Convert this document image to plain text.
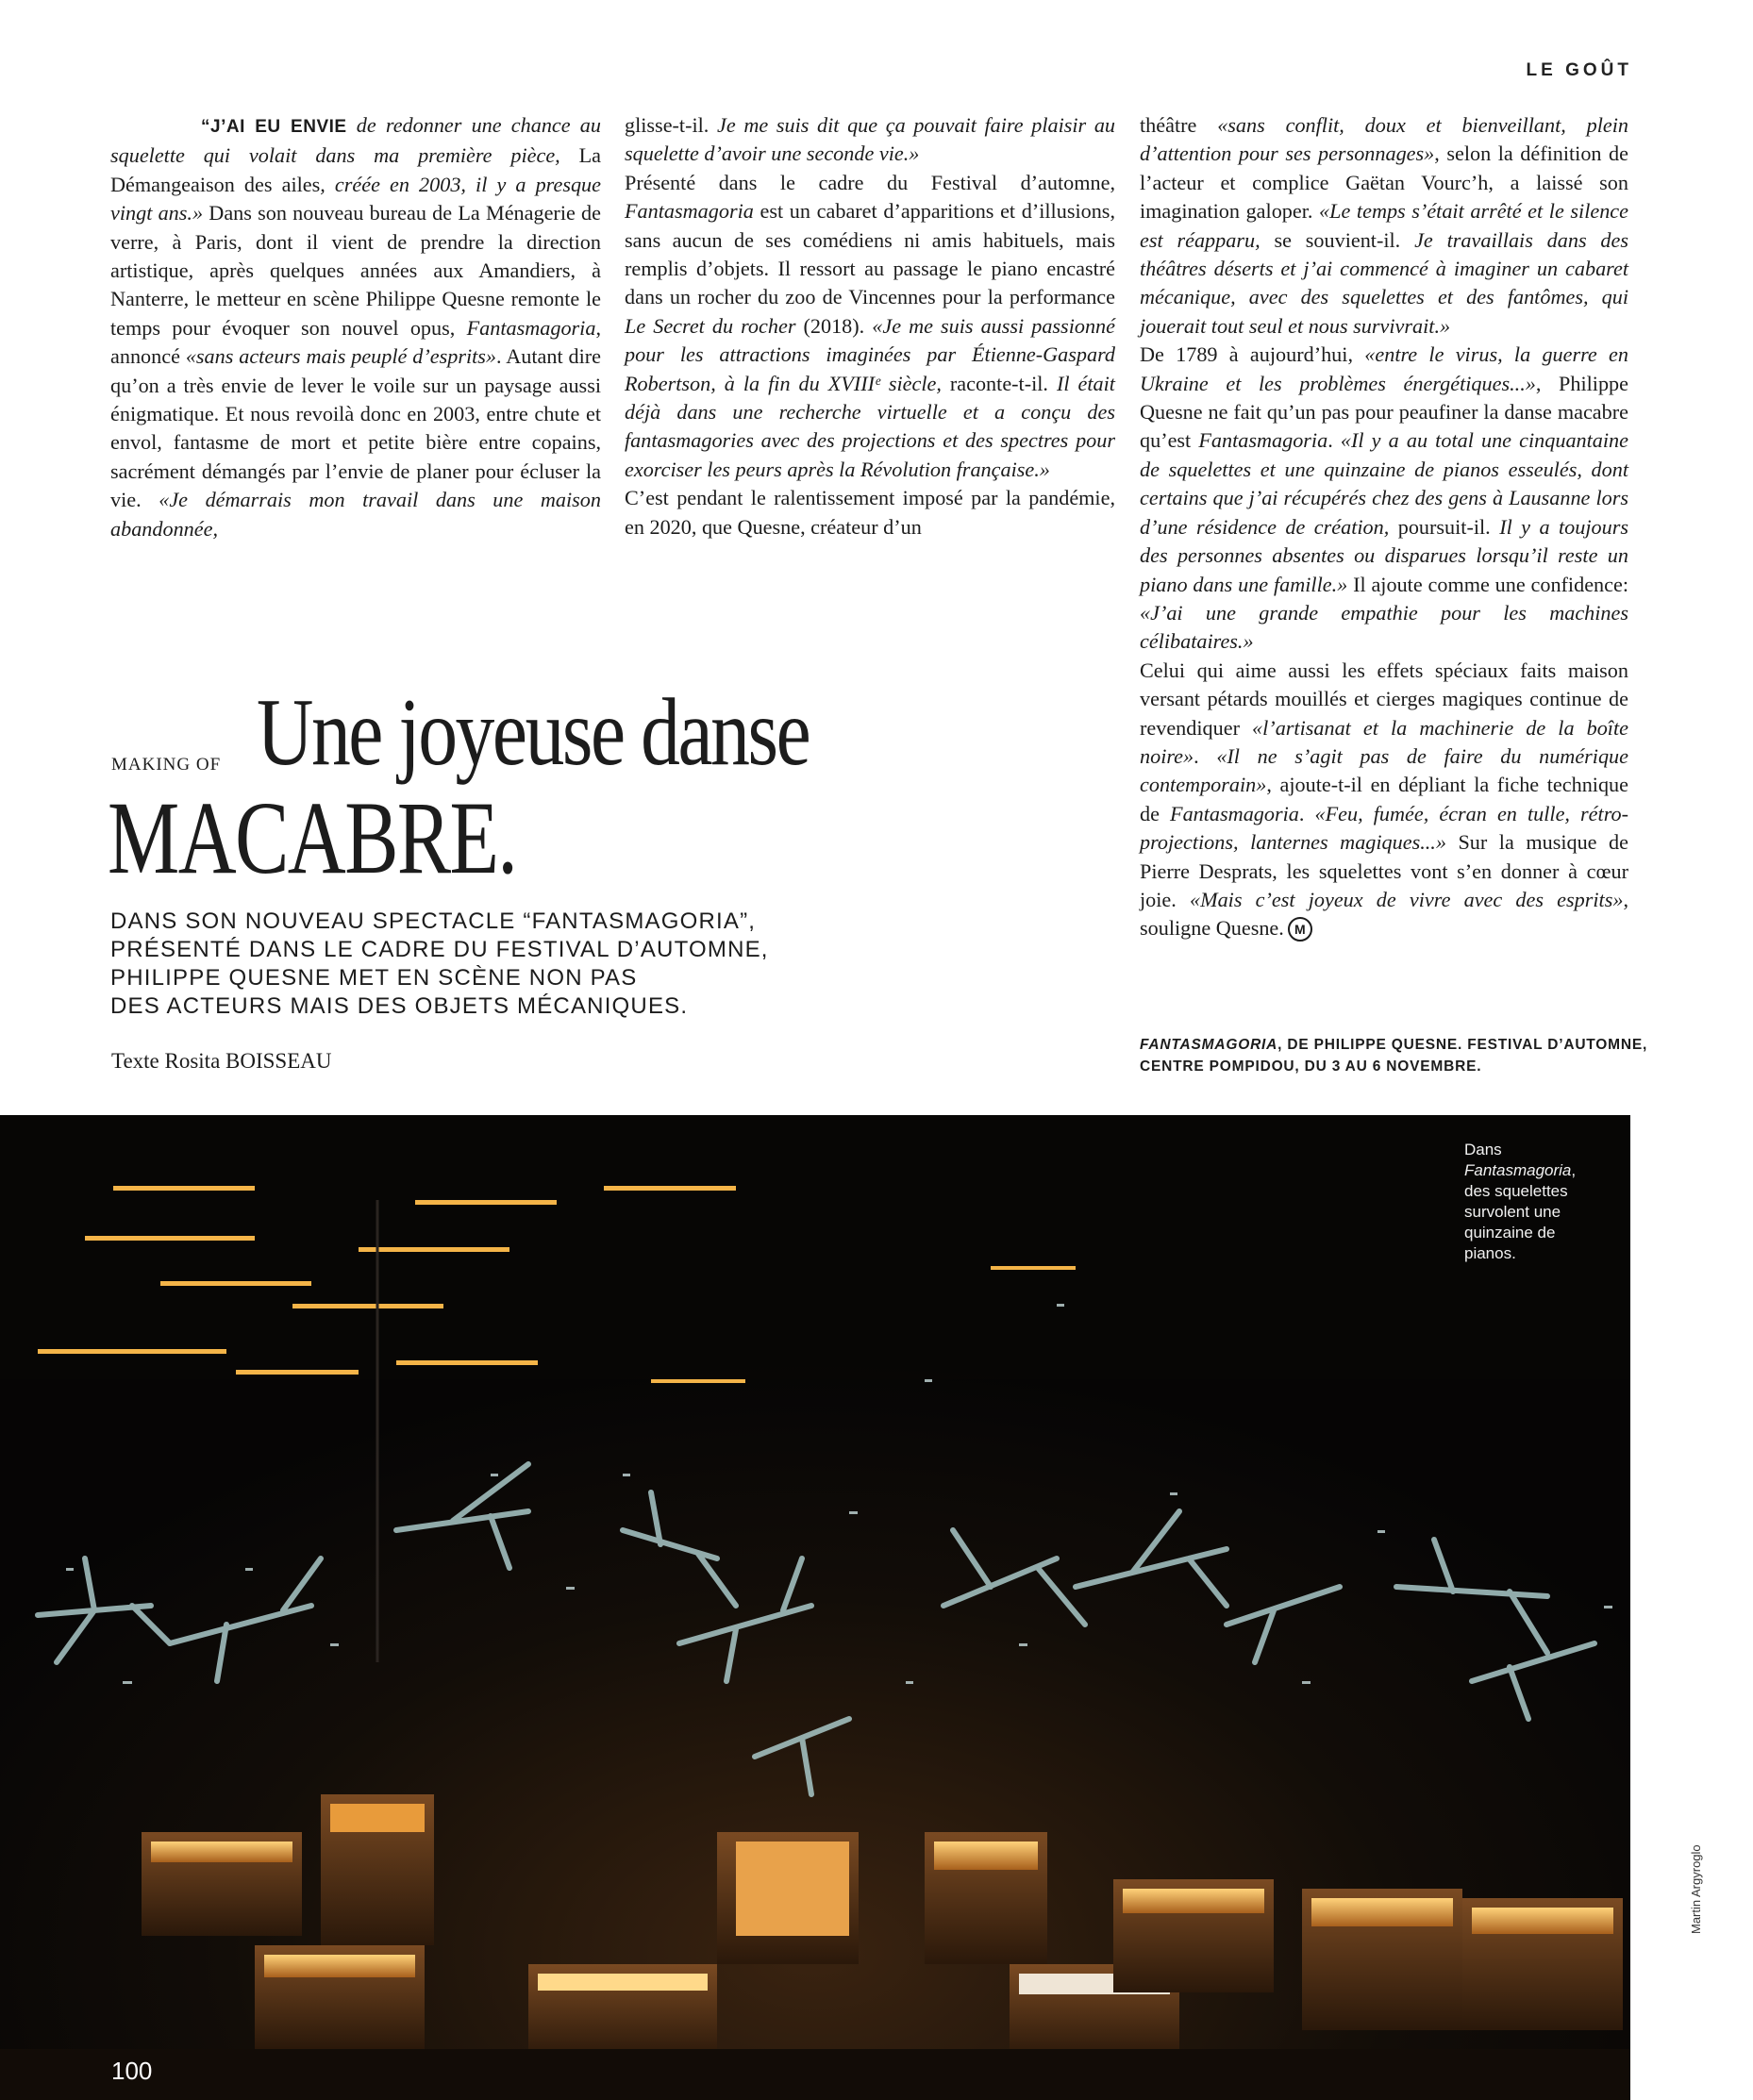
LE GOÛT

“J’AI EU ENVIE de redonner une chance au squelette qui volait dans ma première pièce, La Démangeaison des ailes, créée en 2003, il y a presque vingt ans.» Dans son nouveau bureau de La Ménagerie de verre, à Paris, dont il vient de prendre la direction artistique, après quelques années aux Amandiers, à Nanterre, le metteur en scène Philippe Quesne remonte le temps pour évoquer son nouvel opus, Fantasmagoria, annoncé «sans acteurs mais peuplé d’esprits». Autant dire qu’on a très envie de lever le voile sur un paysage aussi énigmatique. Et nous revoilà donc en 2003, entre chute et envol, fantasme de mort et petite bière entre copains, sacrément démangés par l’envie de planer pour écluser la vie. «Je démarrais mon travail dans une maison abandonnée,

glisse-t-il. Je me suis dit que ça pouvait faire plaisir au squelette d’avoir une seconde vie.»

Présenté dans le cadre du Festival d’automne, Fantasmagoria est un cabaret d’apparitions et d’illusions, sans aucun de ses comédiens ni amis habituels, mais remplis d’objets. Il ressort au passage le piano encastré dans un rocher du zoo de Vincennes pour la performance Le Secret du rocher (2018). «Je me suis aussi passionné pour les attractions imaginées par Étienne-Gaspard Robertson, à la fin du XVIIIᵉ siècle, raconte-t-il. Il était déjà dans une recherche virtuelle et a conçu des fantasmagories avec des projections et des spectres pour exorciser les peurs après la Révolution française.»

C’est pendant le ralentissement imposé par la pandémie, en 2020, que Quesne, créateur d’un

théâtre «sans conflit, doux et bienveillant, plein d’attention pour ses personnages», selon la définition de l’acteur et complice Gaëtan Vourc’h, a laissé son imagination galoper. «Le temps s’était arrêté et le silence est réapparu, se souvient-il. Je travaillais dans des théâtres déserts et j’ai commencé à imaginer un cabaret mécanique, avec des squelettes et des fantômes, qui jouerait tout seul et nous survivrait.»

De 1789 à aujourd’hui, «entre le virus, la guerre en Ukraine et les problèmes énergétiques...», Philippe Quesne ne fait qu’un pas pour peaufiner la danse macabre qu’est Fantasmagoria. «Il y a au total une cinquantaine de squelettes et une quinzaine de pianos esseulés, dont certains que j’ai récupérés chez des gens à Lausanne lors d’une résidence de création, poursuit-il. Il y a toujours des personnes absentes ou disparues lorsqu’il reste un piano dans une famille.» Il ajoute comme une confidence: «J’ai une grande empathie pour les machines célibataires.»

Celui qui aime aussi les effets spéciaux faits maison versant pétards mouillés et cierges magiques continue de revendiquer «l’artisanat et la machinerie de la boîte noire». «Il ne s’agit pas de faire du numérique contemporain», ajoute-t-il en dépliant la fiche technique de Fantasmagoria. «Feu, fumée, écran en tulle, rétro-projections, lanternes magiques...» Sur la musique de Pierre Desprats, les squelettes vont s’en donner à cœur joie. «Mais c’est joyeux de vivre avec des esprits», souligne Quesne. M

MAKING OF Une joyeuse danse
MACABRE.

DANS SON NOUVEAU SPECTACLE “FANTASMAGORIA”,
PRÉSENTÉ DANS LE CADRE DU FESTIVAL D’AUTOMNE,
PHILIPPE QUESNE MET EN SCÈNE NON PAS
DES ACTEURS MAIS DES OBJETS MÉCANIQUES.

Texte Rosita BOISSEAU
FANTASMAGORIA, DE PHILIPPE QUESNE. FESTIVAL D’AUTOMNE, CENTRE POMPIDOU, DU 3 AU 6 NOVEMBRE.
Dans
Fantasmagoria, des squelettes survolent une quinzaine de pianos.
100
Martin Argyroglo
